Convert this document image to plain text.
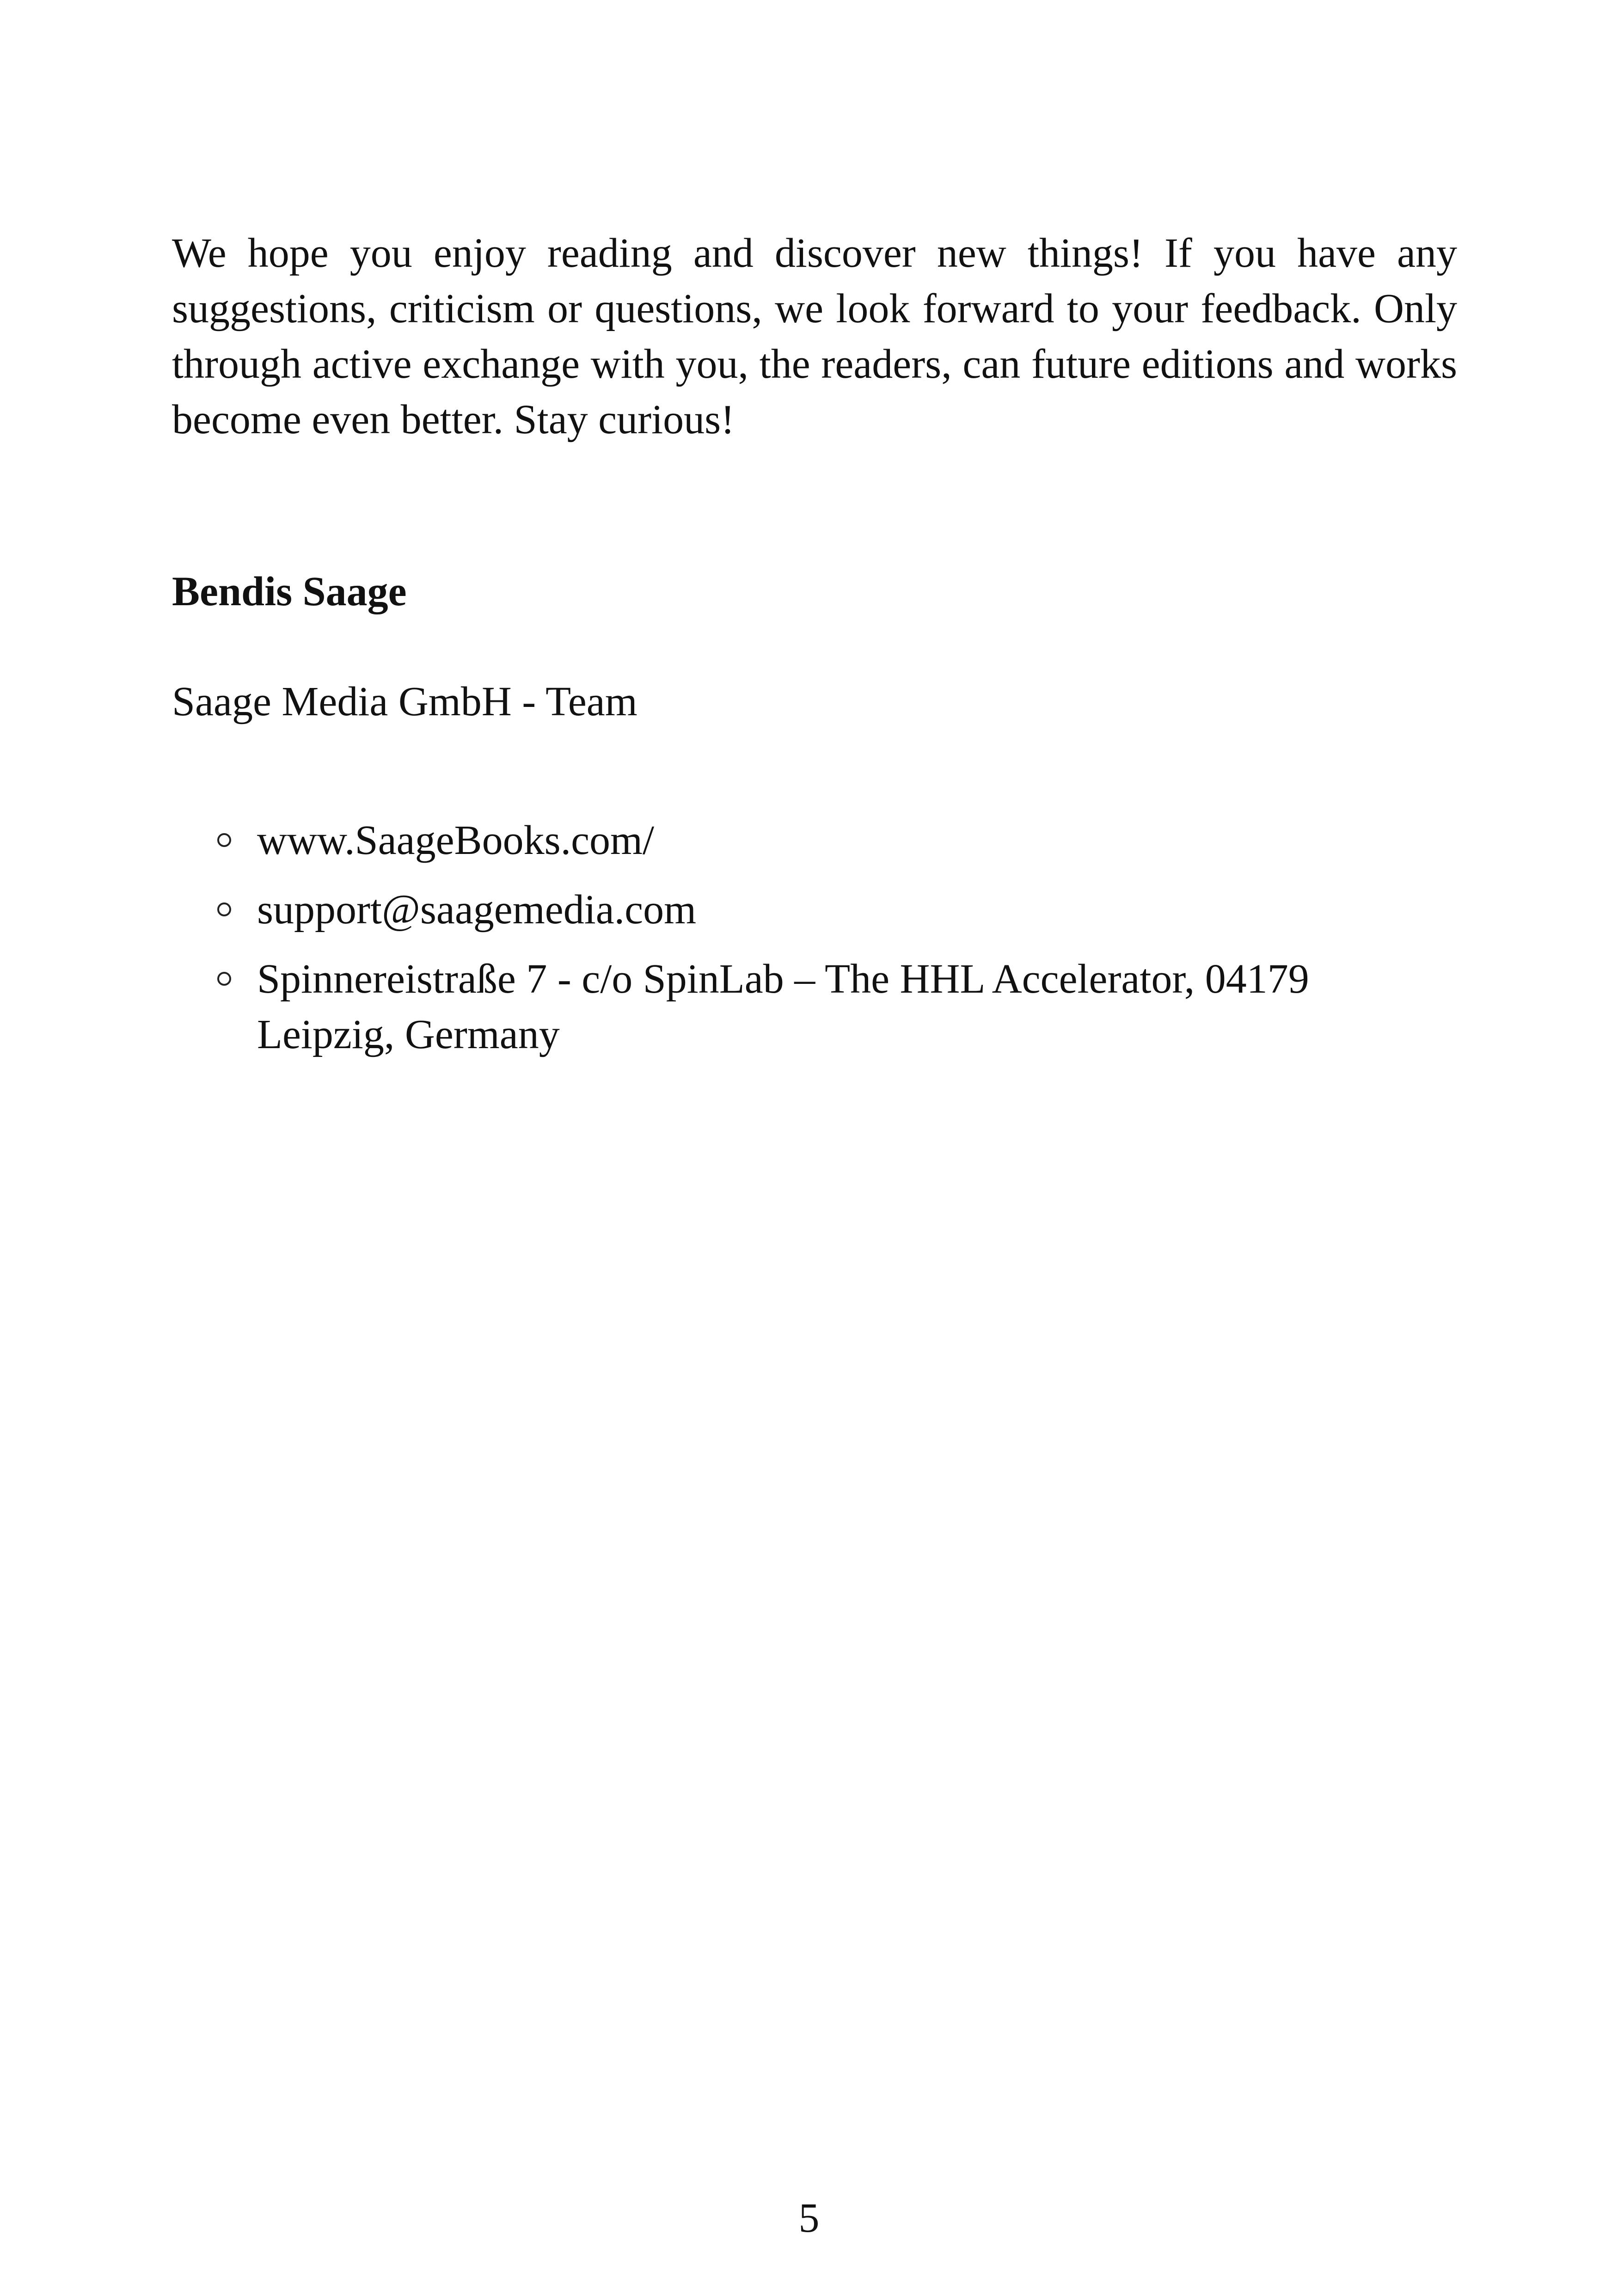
We hope you enjoy reading and discover new things! If you have any suggestions, criticism or questions, we look forward to your feedback. Only through active exchange with you, the readers, can future editions and works become even better. Stay curious!

Bendis Saage

Saage Media GmbH - Team

www.SaageBooks.com/
support@saagemedia.com
Spinnereistraße 7 - c/o SpinLab – The HHL Accelerator, 04179 Leipzig, Germany

5
